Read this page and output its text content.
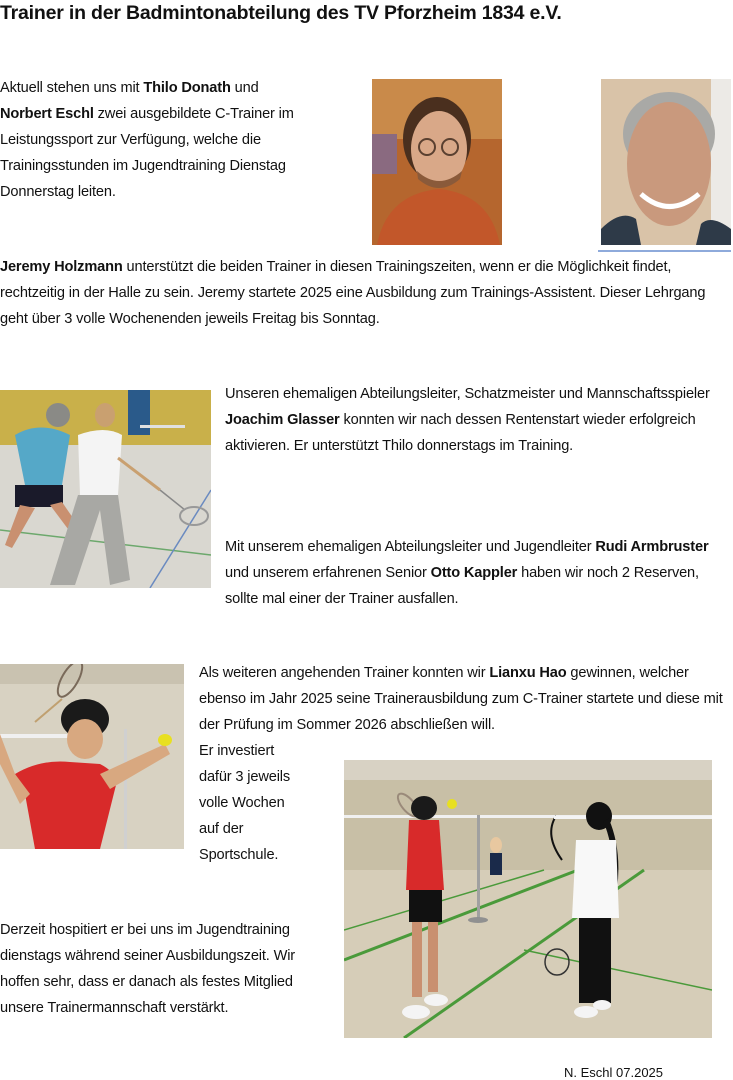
Trainer in der Badmintonabteilung des TV Pforzheim 1834 e.V.
Aktuell stehen uns mit Thilo Donath und
Norbert Eschl zwei ausgebildete C-Trainer im Leistungssport zur Verfügung, welche die Trainingsstunden im Jugendtraining Dienstag Donnerstag leiten.
Jeremy Holzmann unterstützt die beiden Trainer in diesen Trainingszeiten, wenn er die Möglichkeit findet, rechtzeitig in der Halle zu sein. Jeremy startete 2025 eine Ausbildung zum Trainings-Assistent. Dieser Lehrgang geht über 3 volle Wochenenden jeweils Freitag bis Sonntag.
Unseren ehemaligen Abteilungsleiter, Schatzmeister und Mannschaftsspieler Joachim Glasser konnten wir nach dessen Rentenstart wieder erfolgreich aktivieren. Er unterstützt Thilo donnerstags im Training.
Mit unserem ehemaligen Abteilungsleiter und Jugendleiter Rudi Armbruster und unserem erfahrenen Senior Otto Kappler haben wir noch 2 Reserven, sollte mal einer der Trainer ausfallen.
Als weiteren angehenden Trainer konnten wir Lianxu Hao gewinnen, welcher ebenso im Jahr 2025 seine Trainerausbildung zum C-Trainer startete und diese mit der Prüfung im Sommer 2026 abschließen will.
Er investiert
dafür 3 jeweils
volle Wochen
auf der
Sportschule.
Derzeit hospitiert er bei uns im Jugendtraining dienstags während seiner Ausbildungszeit. Wir hoffen sehr, dass er danach als festes Mitglied unsere Trainermannschaft verstärkt.
N. Eschl 07.2025
